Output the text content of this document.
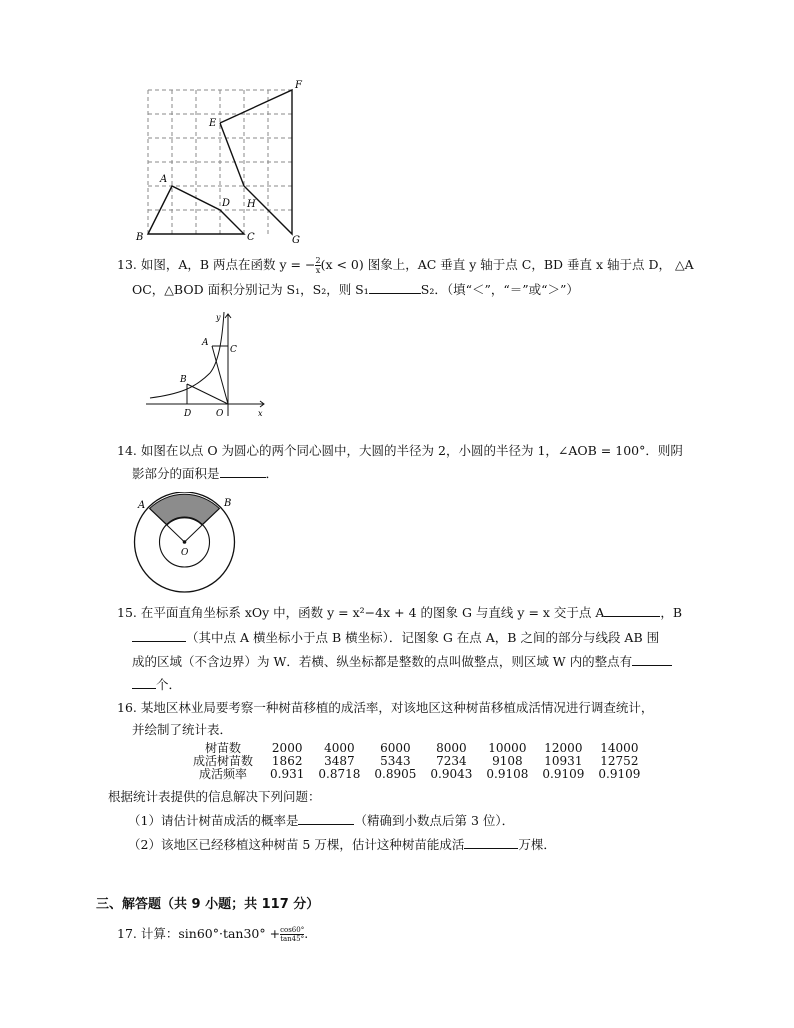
B
A
C
D
E
F
G
H
13. 如图，A，B 两点在函数 y = − $\frac{2}{x} (x < 0)$ 图象上，AC 垂直 y 轴于点 C，BD 垂直 x 轴于点 D， △A
OC，△BOD 面积分别记为 S₁，S₂，则 S₁	S₂．（填“＜”，“＝”或“＞”）
y
x
A
C
B
D	O
14. 如图在以点 O 为圆心的两个同心圆中，大圆的半径为 2，小圆的半径为 1，∠AOB = 100°．则阴
影部分的面积是	．
A	B
O
15. 在平面直角坐标系 xOy 中，函数 y = x²−4x + 4 的图象 G 与直线 y = x 交于点 A	，B
（其中点 A 横坐标小于点 B 横坐标）．记图象 G 在点 A，B 之间的部分与线段 AB 围
成的区域（不含边界）为 W．若横、纵坐标都是整数的点叫做整点，则区域 W 内的整点有
个．
16. 某地区林业局要考察一种树苗移植的成活率，对该地区这种树苗移植成活情况进行调查统计，
并绘制了统计表．
树苗数	2000	4000	6000	8000	10000	12000	14000
成活树苗数	1862	3487	5343	7234	9108	10931	12752
成活频率	0.931	0.8718	0.8905	0.9043	0.9108	0.9109	0.9109
根据统计表提供的信息解决下列问题：
（1）请估计树苗成活的概率是	（精确到小数点后第 3 位）．
（2）该地区已经移植这种树苗 5 万棵，估计这种树苗能成活	万棵．
三、解答题（共 9 小题；共 117 分）
17. 计算：$\sin 60^\circ\cdot\tan 30^\circ + \frac{\cos 60^\circ}{\tan 45^\circ}$ .
